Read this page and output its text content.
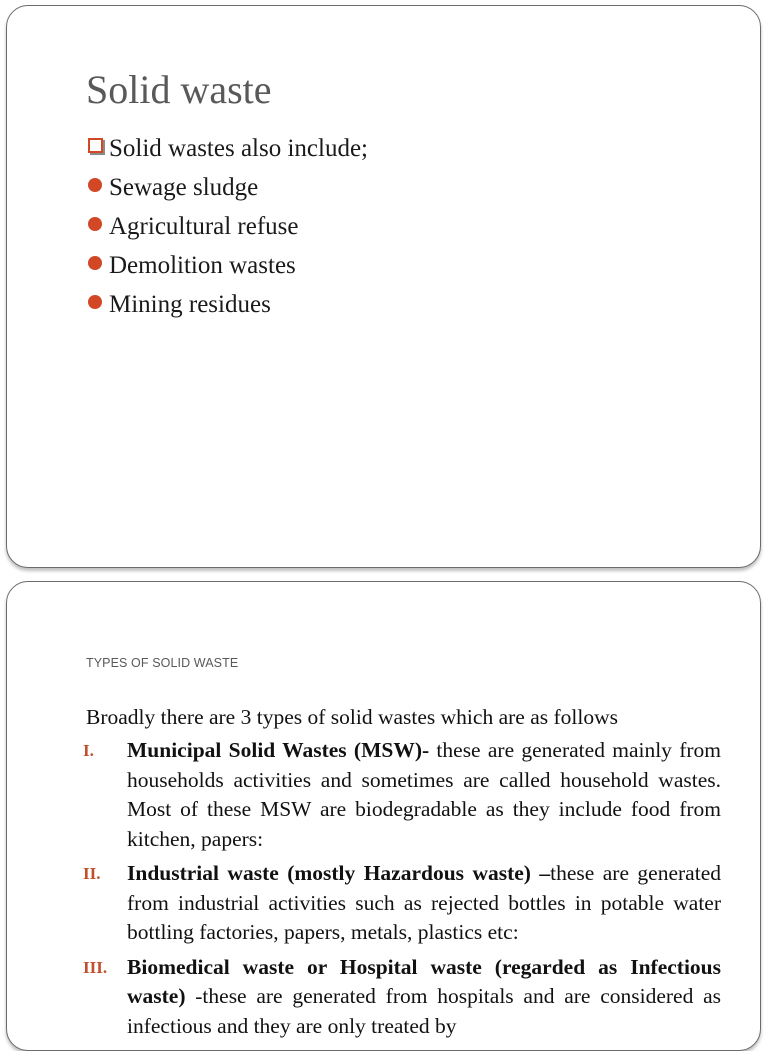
Solid waste
Solid wastes also include;
Sewage sludge
Agricultural refuse
Demolition wastes
Mining residues
TYPES OF SOLID WASTE
Broadly there are 3 types of solid wastes which are as follows
I. Municipal Solid Wastes (MSW)- these are generated mainly from households activities and sometimes are called household wastes. Most of these MSW are biodegradable as they include food from kitchen, papers:
II. Industrial waste (mostly Hazardous waste) –these are generated from industrial activities such as rejected bottles in potable water bottling factories, papers, metals, plastics etc:
III. Biomedical waste or Hospital waste (regarded as Infectious waste) -these are generated from hospitals and are considered as infectious and they are only treated by
